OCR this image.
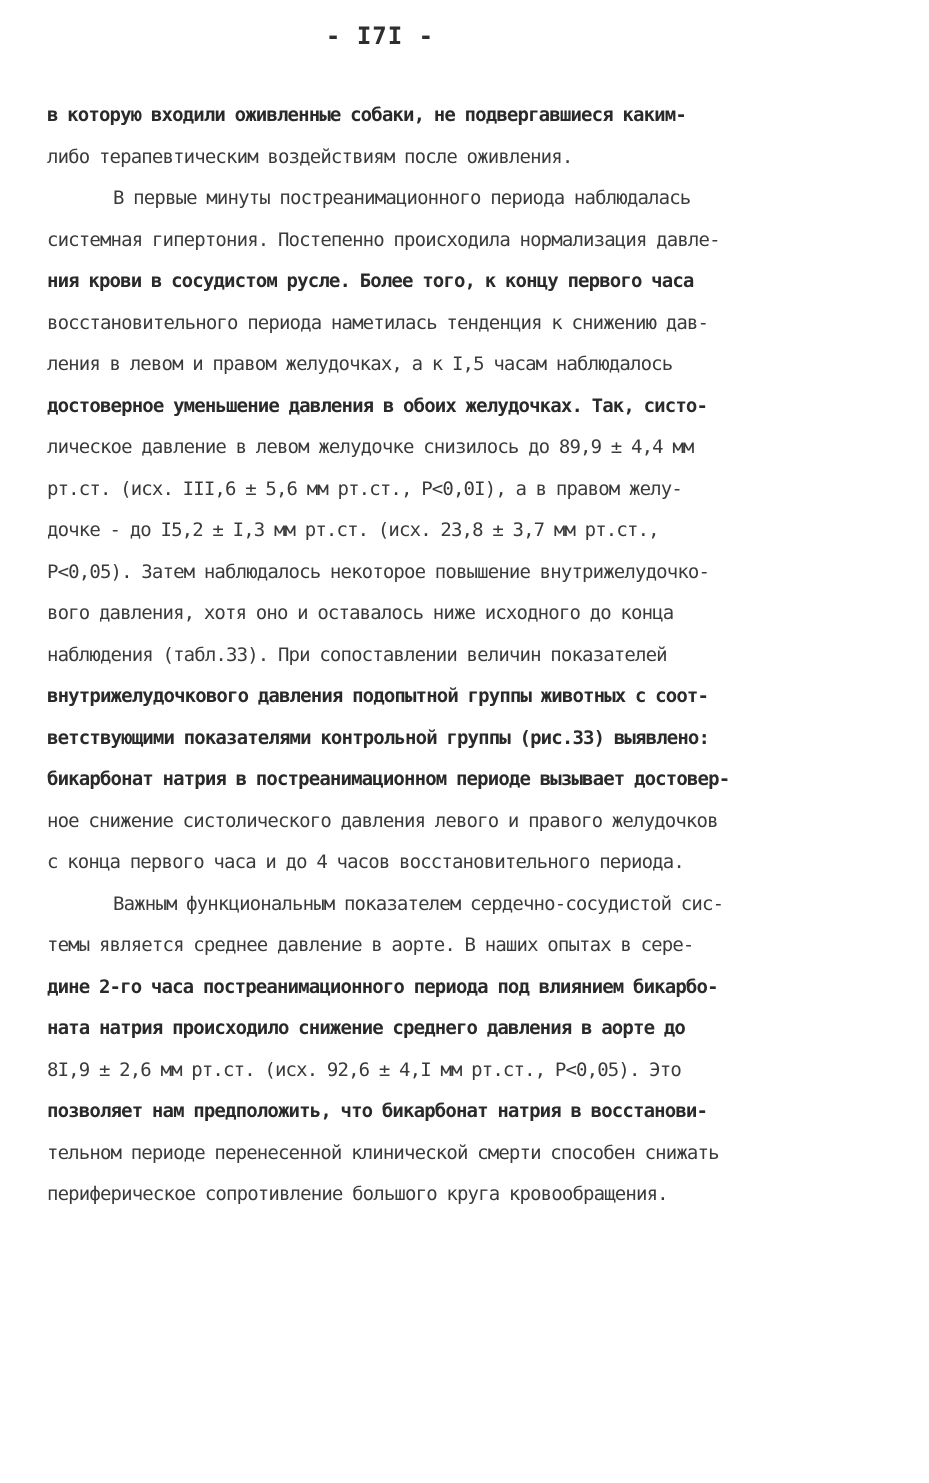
- I7I -
в которую входили оживленные собаки, не подвергавшиеся каким-
либо терапевтическим воздействиям после оживления.
В первые минуты постреанимационного периода наблюдалась
системная гипертония. Постепенно происходила нормализация давле-
ния крови в сосудистом русле. Более того, к концу первого часа
восстановительного периода наметилась тенденция к снижению дав-
ления в левом и правом желудочках, а к I,5 часам наблюдалось
достоверное уменьшение давления в обоих желудочках. Так, систо-
лическое давление в левом желудочке снизилось до 89,9 ± 4,4 мм
рт.ст. (исх. III,6 ± 5,6 мм рт.ст., P<0,0I), а в правом желу-
дочке - до I5,2 ± I,3 мм рт.ст. (исх. 23,8 ± 3,7 мм рт.ст.,
P<0,05). Затем наблюдалось некоторое повышение внутрижелудочко-
вого давления, хотя оно и оставалось ниже исходного до конца
наблюдения (табл.33). При сопоставлении величин показателей
внутрижелудочкового давления подопытной группы животных с соот-
ветствующими показателями контрольной группы (рис.33) выявлено:
бикарбонат натрия в постреанимационном периоде вызывает достовер-
ное снижение систолического давления левого и правого желудочков
с конца первого часа и до 4 часов восстановительного периода.
Важным функциональным показателем сердечно-сосудистой сис-
темы является среднее давление в аорте. В наших опытах в сере-
дине 2-го часа постреанимационного периода под влиянием бикарбо-
ната натрия происходило снижение среднего давления в аорте до
8I,9 ± 2,6 мм рт.ст. (исх. 92,6 ± 4,I мм рт.ст., P<0,05). Это
позволяет нам предположить, что бикарбонат натрия в восстанови-
тельном периоде перенесенной клинической смерти способен снижать
периферическое сопротивление большого круга кровообращения.
